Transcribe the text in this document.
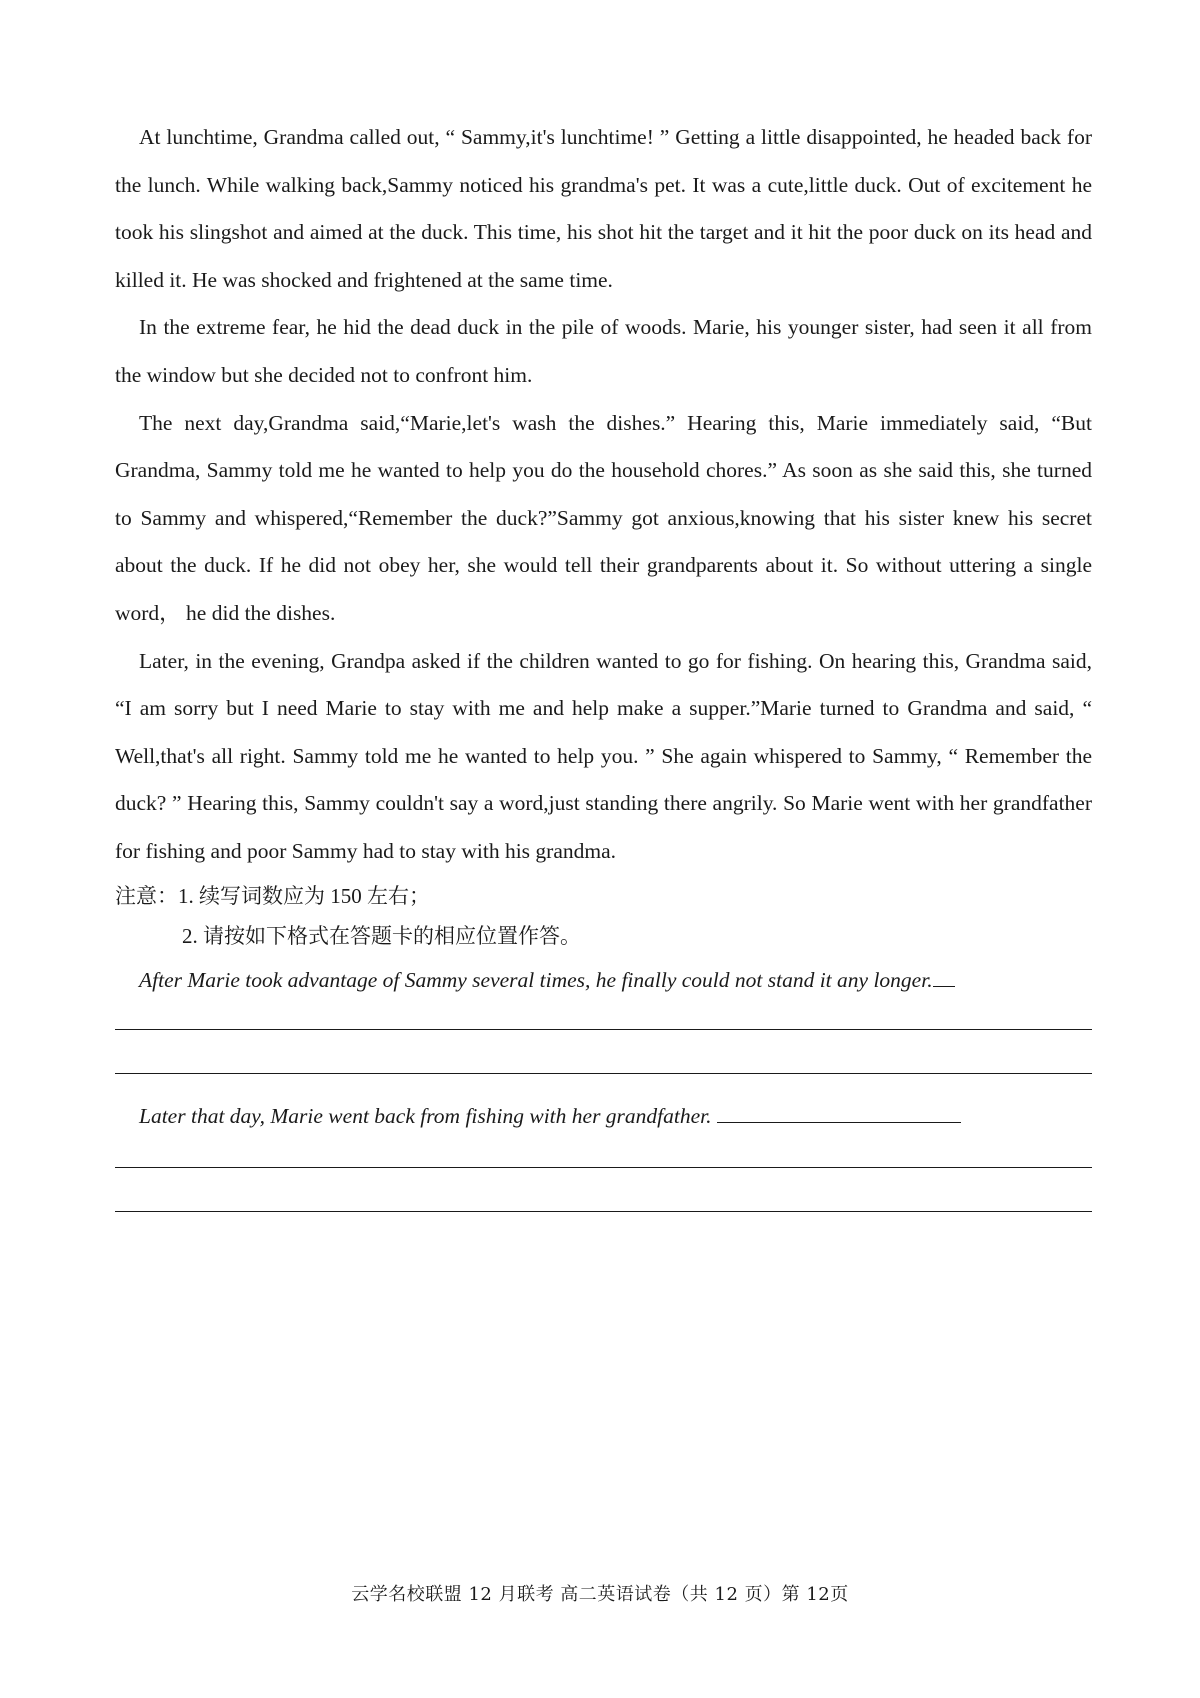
At lunchtime, Grandma called out, “ Sammy,it's lunchtime! ” Getting a little disappointed, he headed back for the lunch. While walking back,Sammy noticed his grandma's pet. It was a cute,little duck. Out of excitement he took his slingshot and aimed at the duck. This time, his shot hit the target and it hit the poor duck on its head and killed it. He was shocked and frightened at the same time.

In the extreme fear, he hid the dead duck in the pile of woods. Marie, his younger sister, had seen it all from the window but she decided not to confront him.

The next day,Grandma said,“Marie,let's wash the dishes.” Hearing this, Marie immediately said, “But Grandma, Sammy told me he wanted to help you do the household chores.” As soon as she said this, she turned to Sammy and whispered,“Remember the duck?”Sammy got anxious,knowing that his sister knew his secret about the duck. If he did not obey her, she would tell their grandparents about it. So without uttering a single word， he did the dishes.

Later, in the evening, Grandpa asked if the children wanted to go for fishing. On hearing this, Grandma said, “I am sorry but I need Marie to stay with me and help make a supper.”Marie turned to Grandma and said, “ Well,that's all right. Sammy told me he wanted to help you. ” She again whispered to Sammy, “ Remember the duck? ” Hearing this, Sammy couldn't say a word,just standing there angrily. So Marie went with her grandfather for fishing and poor Sammy had to stay with his grandma.

注意：1. 续写词数应为 150 左右；
2. 请按如下格式在答题卡的相应位置作答。
After Marie took advantage of Sammy several times, he finally could not stand it any longer.
Later that day, Marie went back from fishing with her grandfather.
云学名校联盟 12 月联考 高二英语试卷（共 12 页）第 12页
